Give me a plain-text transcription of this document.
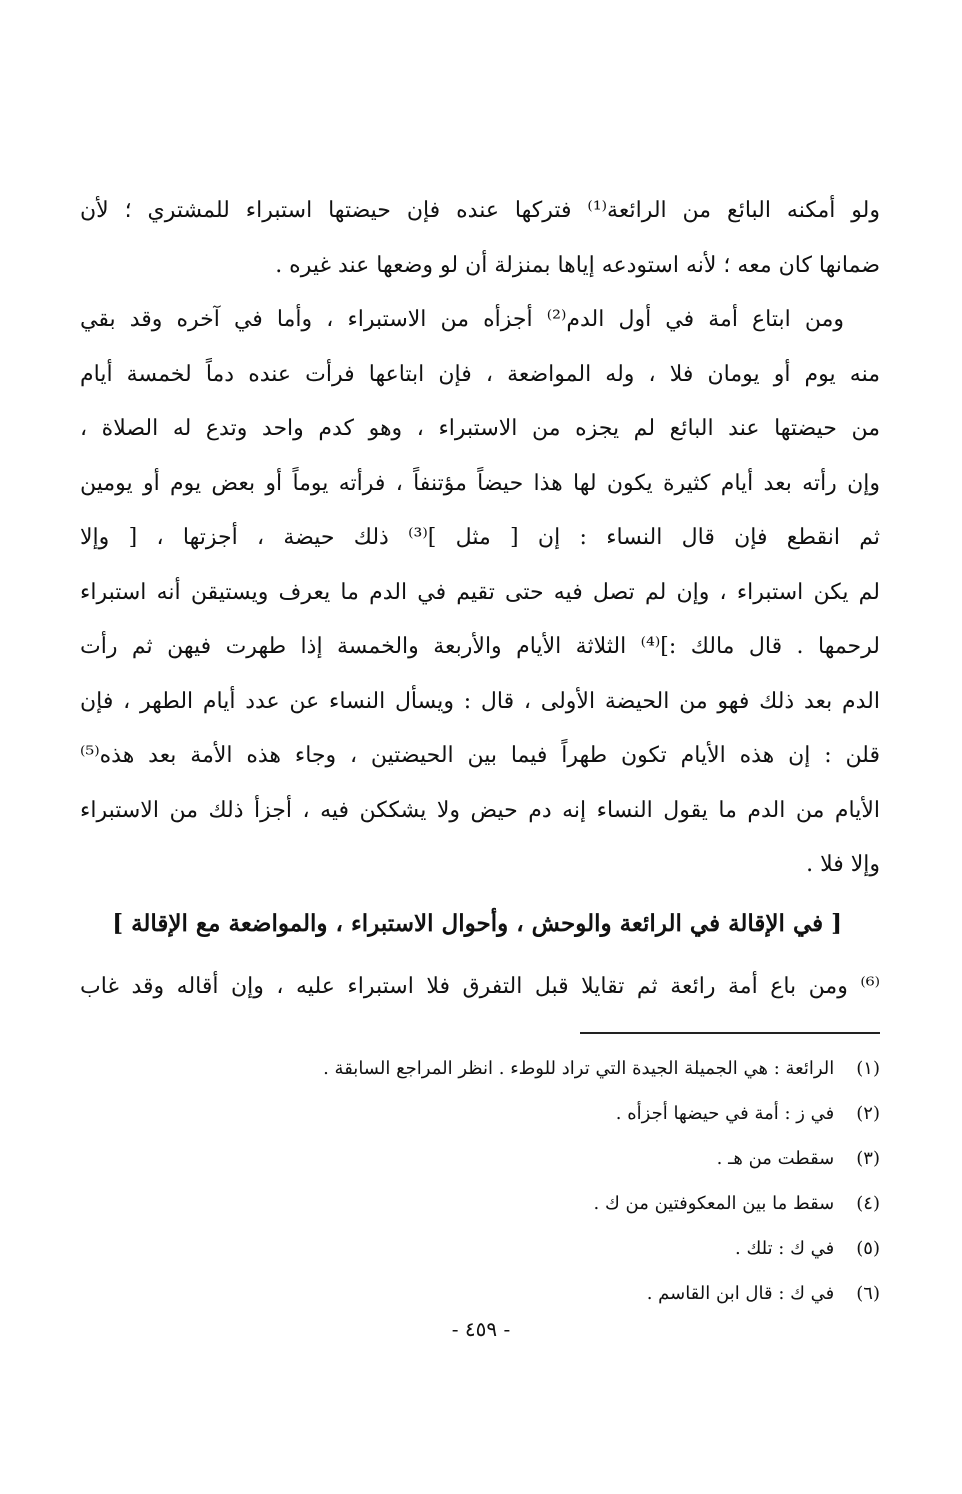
ولو أمكنه البائع من الرائعة⁽¹⁾ فتركها عنده فإن حيضتها استبراء للمشتري ؛ لأن
ضمانها كان معه ؛ لأنه استودعه إياها بمنزلة أن لو وضعها عند غيره .
ومن ابتاع أمة في أول الدم⁽²⁾ أجزأه من الاستبراء ، وأما في آخره وقد بقي
منه يوم أو يومان فلا ، وله المواضعة ، فإن ابتاعها فرأت عنده دماً لخمسة أيام
من حيضتها عند البائع لم يجزه من الاستبراء ، وهو كدم واحد وتدع له الصلاة ،
وإن رأته بعد أيام كثيرة يكون لها هذا حيضاً مؤتنفاً ، فرأته يوماً أو بعض يوم أو يومين
ثم انقطع فإن قال النساء : إن [ مثل ]⁽³⁾ ذلك حيضة ، أجزتها ، [ وإلا
لم يكن استبراء ، وإن لم تصل فيه حتى تقيم في الدم ما يعرف ويستيقن أنه استبراء
لرحمها . قال مالك :]⁽⁴⁾ الثلاثة الأيام والأربعة والخمسة إذا طهرت فيهن ثم رأت
الدم بعد ذلك فهو من الحيضة الأولى ، قال : ويسأل النساء عن عدد أيام الطهر ، فإن
قلن : إن هذه الأيام تكون طهراً فيما بين الحيضتين ، وجاء هذه الأمة بعد هذه⁽⁵⁾
الأيام من الدم ما يقول النساء إنه دم حيض ولا يشككن فيه ، أجزأ ذلك من الاستبراء
وإلا فلا .
[ في الإقالة في الرائعة والوحش ، وأحوال الاستبراء ، والمواضعة مع الإقالة ]
⁽⁶⁾ ومن باع أمة رائعة ثم تقايلا قبل التفرق فلا استبراء عليه ، وإن أقاله وقد غاب
(١) الرائعة : هي الجميلة الجيدة التي تراد للوطء . انظر المراجع السابقة .
(٢) في ز : أمة في حيضها أجزأه .
(٣) سقطت من هـ .
(٤) سقط ما بين المعكوفتين من ك .
(٥) في ك : تلك .
(٦) في ك : قال ابن القاسم .
- ٤٥٩ -
